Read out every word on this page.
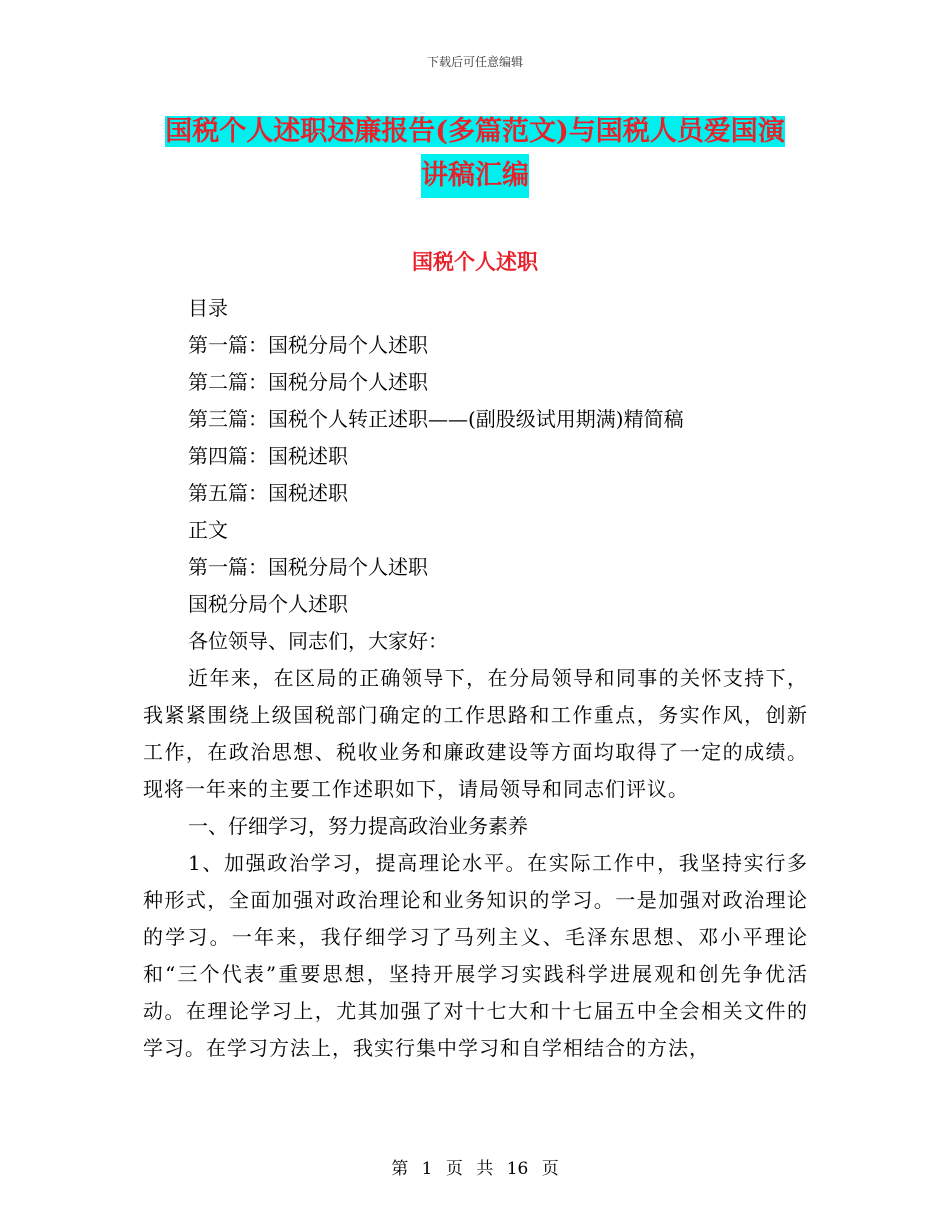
下载后可任意编辑
国税个人述职述廉报告(多篇范文)与国税人员爱国演
讲稿汇编
国税个人述职
目录
第一篇：国税分局个人述职
第二篇：国税分局个人述职
第三篇：国税个人转正述职——(副股级试用期满)精简稿
第四篇：国税述职
第五篇：国税述职
正文
第一篇：国税分局个人述职
国税分局个人述职
各位领导、同志们，大家好：
近年来，在区局的正确领导下，在分局领导和同事的关怀支持下，我紧紧围绕上级国税部门确定的工作思路和工作重点，务实作风，创新工作，在政治思想、税收业务和廉政建设等方面均取得了一定的成绩。现将一年来的主要工作述职如下，请局领导和同志们评议。
一、仔细学习，努力提高政治业务素养
1、加强政治学习，提高理论水平。在实际工作中，我坚持实行多种形式，全面加强对政治理论和业务知识的学习。一是加强对政治理论的学习。一年来，我仔细学习了马列主义、毛泽东思想、邓小平理论和“三个代表”重要思想，坚持开展学习实践科学进展观和创先争优活动。在理论学习上，尤其加强了对十七大和十七届五中全会相关文件的学习。在学习方法上，我实行集中学习和自学相结合的方法，
第 1 页 共 16 页
